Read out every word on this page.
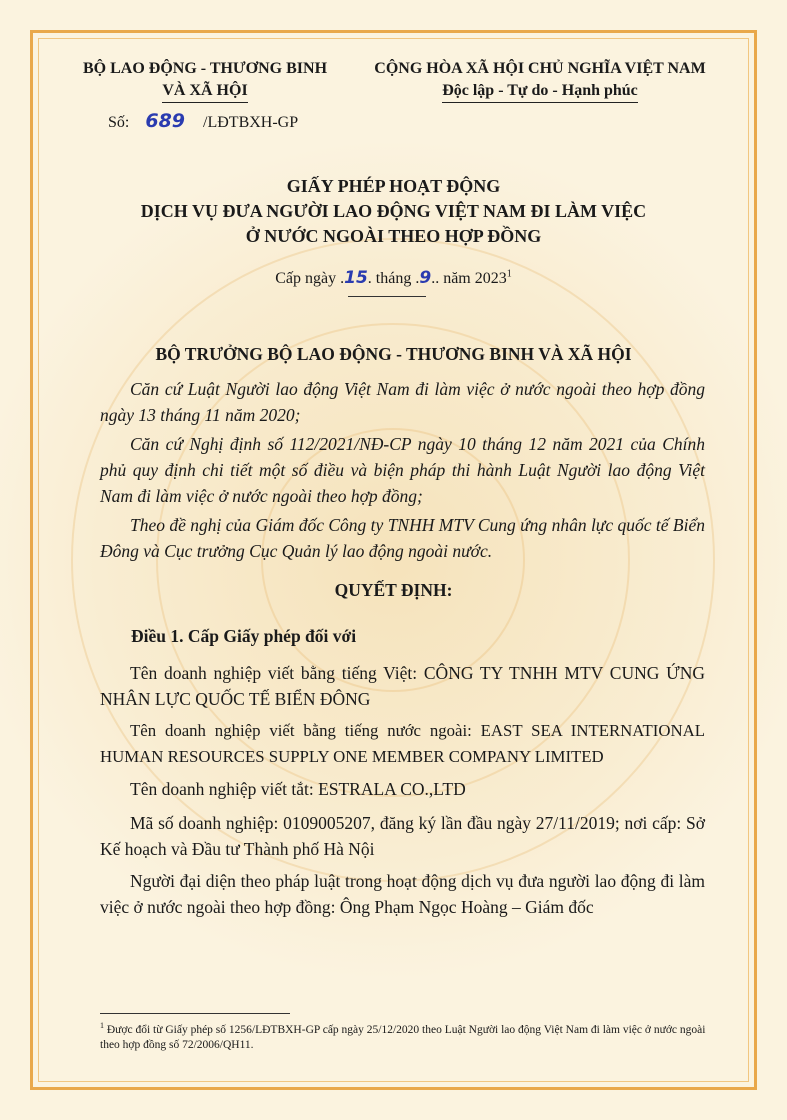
BỘ LAO ĐỘNG - THƯƠNG BINH
VÀ XÃ HỘI
CỘNG HÒA XÃ HỘI CHỦ NGHĨA VIỆT NAM
Độc lập - Tự do - Hạnh phúc
Số: 689 /LĐTBXH-GP
GIẤY PHÉP HOẠT ĐỘNG
DỊCH VỤ ĐƯA NGƯỜI LAO ĐỘNG VIỆT NAM ĐI LÀM VIỆC
Ở NƯỚC NGOÀI THEO HỢP ĐỒNG
Cấp ngày .15. tháng .9.. năm 2023$^1$
BỘ TRƯỞNG BỘ LAO ĐỘNG - THƯƠNG BINH VÀ XÃ HỘI
Căn cứ Luật Người lao động Việt Nam đi làm việc ở nước ngoài theo hợp đồng ngày 13 tháng 11 năm 2020;
Căn cứ Nghị định số 112/2021/NĐ-CP ngày 10 tháng 12 năm 2021 của Chính phủ quy định chi tiết một số điều và biện pháp thi hành Luật Người lao động Việt Nam đi làm việc ở nước ngoài theo hợp đồng;
Theo đề nghị của Giám đốc Công ty TNHH MTV Cung ứng nhân lực quốc tế Biển Đông và Cục trưởng Cục Quản lý lao động ngoài nước.
QUYẾT ĐỊNH:
Điều 1. Cấp Giấy phép đối với
Tên doanh nghiệp viết bằng tiếng Việt: CÔNG TY TNHH MTV CUNG ỨNG NHÂN LỰC QUỐC TẾ BIỂN ĐÔNG
Tên doanh nghiệp viết bằng tiếng nước ngoài: EAST SEA INTERNATIONAL HUMAN RESOURCES SUPPLY ONE MEMBER COMPANY LIMITED
Tên doanh nghiệp viết tắt: ESTRALA CO.,LTD
Mã số doanh nghiệp: 0109005207, đăng ký lần đầu ngày 27/11/2019; nơi cấp: Sở Kế hoạch và Đầu tư Thành phố Hà Nội
Người đại diện theo pháp luật trong hoạt động dịch vụ đưa người lao động đi làm việc ở nước ngoài theo hợp đồng: Ông Phạm Ngọc Hoàng – Giám đốc
$^1$ Được đổi từ Giấy phép số 1256/LĐTBXH-GP cấp ngày 25/12/2020 theo Luật Người lao động Việt Nam đi làm việc ở nước ngoài theo hợp đồng số 72/2006/QH11.
